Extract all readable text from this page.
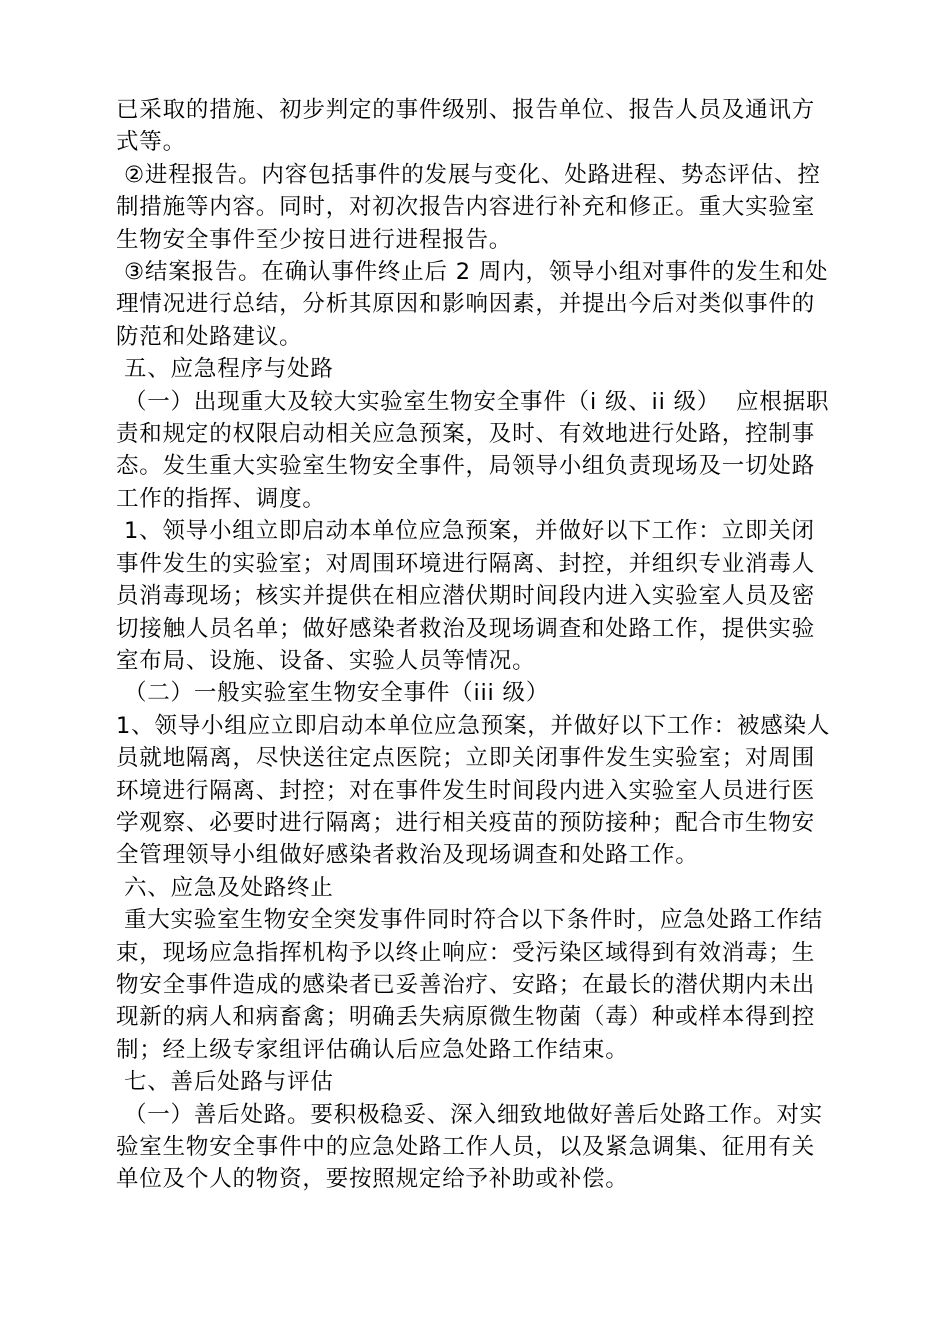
已采取的措施、初步判定的事件级别、报告单位、报告人员及通讯方式等。

②进程报告。内容包括事件的发展与变化、处路进程、势态评估、控制措施等内容。同时，对初次报告内容进行补充和修正。重大实验室生物安全事件至少按日进行进程报告。

③结案报告。在确认事件终止后 2 周内，领导小组对事件的发生和处理情况进行总结，分析其原因和影响因素，并提出今后对类似事件的防范和处路建议。

五、应急程序与处路

（一）出现重大及较大实验室生物安全事件（i 级、ii 级）  应根据职责和规定的权限启动相关应急预案，及时、有效地进行处路，控制事态。发生重大实验室生物安全事件，局领导小组负责现场及一切处路工作的指挥、调度。

1、领导小组立即启动本单位应急预案，并做好以下工作：立即关闭事件发生的实验室；对周围环境进行隔离、封控，并组织专业消毒人员消毒现场；核实并提供在相应潜伏期时间段内进入实验室人员及密切接触人员名单；做好感染者救治及现场调查和处路工作，提供实验室布局、设施、设备、实验人员等情况。

（二）一般实验室生物安全事件（iii 级）

1、领导小组应立即启动本单位应急预案，并做好以下工作：被感染人员就地隔离，尽快送往定点医院；立即关闭事件发生实验室；对周围环境进行隔离、封控；对在事件发生时间段内进入实验室人员进行医学观察、必要时进行隔离；进行相关疫苗的预防接种；配合市生物安全管理领导小组做好感染者救治及现场调查和处路工作。

六、应急及处路终止

重大实验室生物安全突发事件同时符合以下条件时，应急处路工作结束，现场应急指挥机构予以终止响应：受污染区域得到有效消毒；生物安全事件造成的感染者已妥善治疗、安路；在最长的潜伏期内未出现新的病人和病畜禽；明确丢失病原微生物菌（毒）种或样本得到控制；经上级专家组评估确认后应急处路工作结束。

七、善后处路与评估

（一）善后处路。要积极稳妥、深入细致地做好善后处路工作。对实验室生物安全事件中的应急处路工作人员，以及紧急调集、征用有关单位及个人的物资，要按照规定给予补助或补偿。
